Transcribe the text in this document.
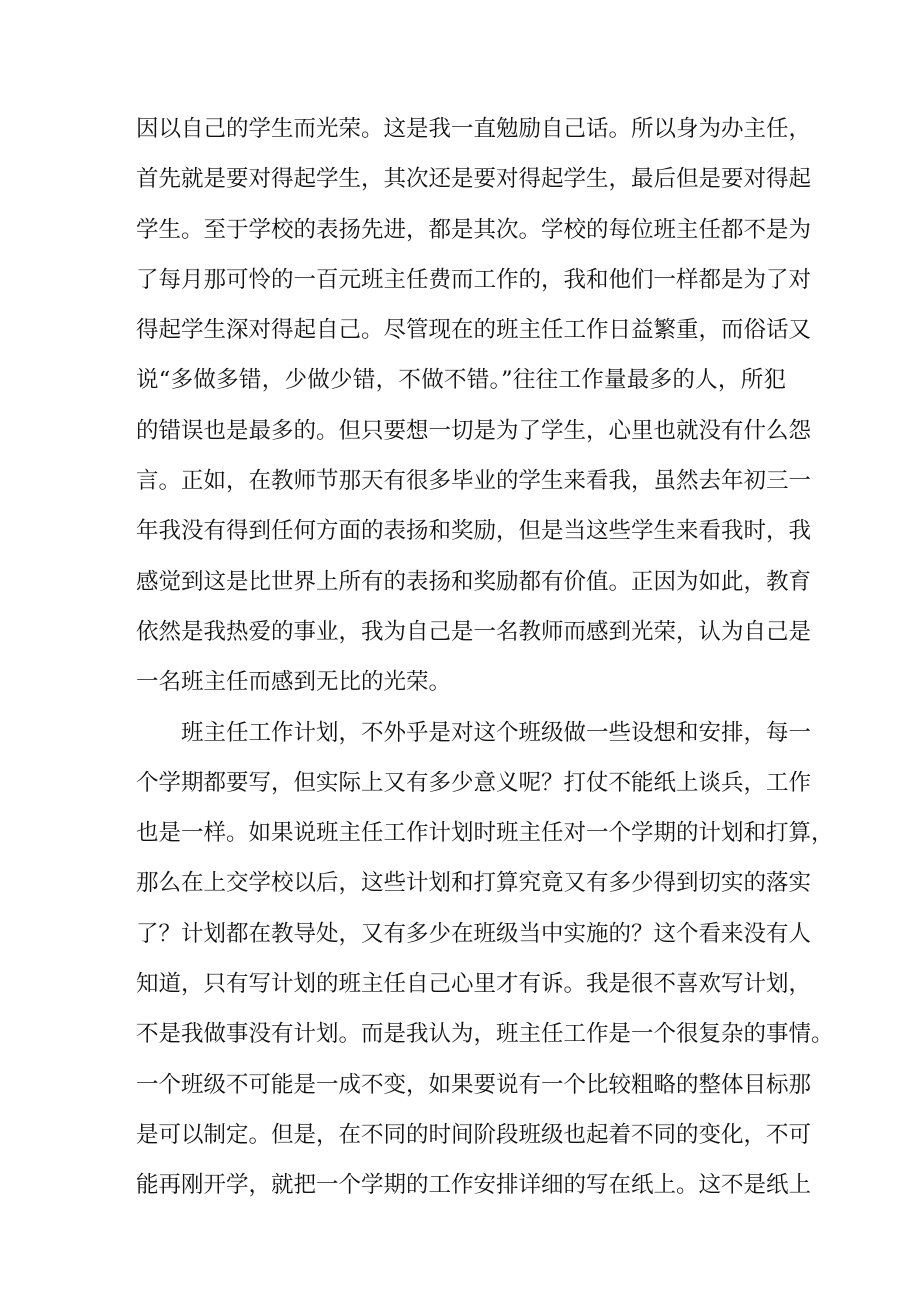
因以自己的学生而光荣。这是我一直勉励自己话。所以身为办主任，
首先就是要对得起学生，其次还是要对得起学生，最后但是要对得起
学生。至于学校的表扬先进，都是其次。学校的每位班主任都不是为
了每月那可怜的一百元班主任费而工作的，我和他们一样都是为了对
得起学生深对得起自己。尽管现在的班主任工作日益繁重，而俗话又
说“多做多错，少做少错，不做不错。”往往工作量最多的人，所犯
的错误也是最多的。但只要想一切是为了学生，心里也就没有什么怨
言。正如，在教师节那天有很多毕业的学生来看我，虽然去年初三一
年我没有得到任何方面的表扬和奖励，但是当这些学生来看我时，我
感觉到这是比世界上所有的表扬和奖励都有价值。正因为如此，教育
依然是我热爱的事业，我为自己是一名教师而感到光荣，认为自己是
一名班主任而感到无比的光荣。
班主任工作计划，不外乎是对这个班级做一些设想和安排，每一
个学期都要写，但实际上又有多少意义呢？打仗不能纸上谈兵，工作
也是一样。如果说班主任工作计划时班主任对一个学期的计划和打算，
那么在上交学校以后，这些计划和打算究竟又有多少得到切实的落实
了？计划都在教导处，又有多少在班级当中实施的？这个看来没有人
知道，只有写计划的班主任自己心里才有诉。我是很不喜欢写计划，
不是我做事没有计划。而是我认为，班主任工作是一个很复杂的事情。
一个班级不可能是一成不变，如果要说有一个比较粗略的整体目标那
是可以制定。但是，在不同的时间阶段班级也起着不同的变化，不可
能再刚开学，就把一个学期的工作安排详细的写在纸上。这不是纸上
